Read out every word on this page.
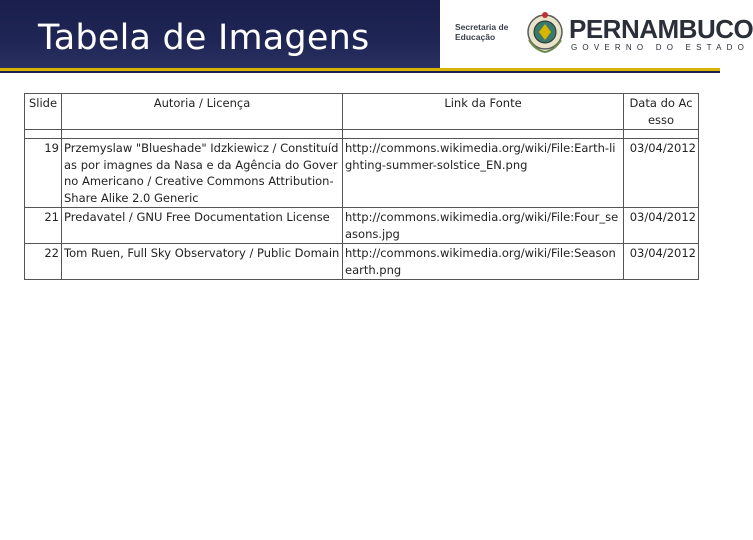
Tabela de Imagens	Secretaria de
Educação	PERNAMBUCO
GOVERNO DO ESTADO
Slide	Autoria / Licença	Link da Fonte	Data do Acesso

19	Przemyslaw "Blueshade" Idzkiewicz / Constituídas por imagnes da Nasa e da Agência do Governo Americano / Creative Commons Attribution-Share Alike 2.0 Generic	http://commons.wikimedia.org/wiki/File:Earth-lighting-summer-solstice_EN.png	03/04/2012
21	Predavatel / GNU Free Documentation License	http://commons.wikimedia.org/wiki/File:Four_seasons.jpg	03/04/2012
22	Tom Ruen, Full Sky Observatory / Public Domain	http://commons.wikimedia.org/wiki/File:Seasonearth.png	03/04/2012
